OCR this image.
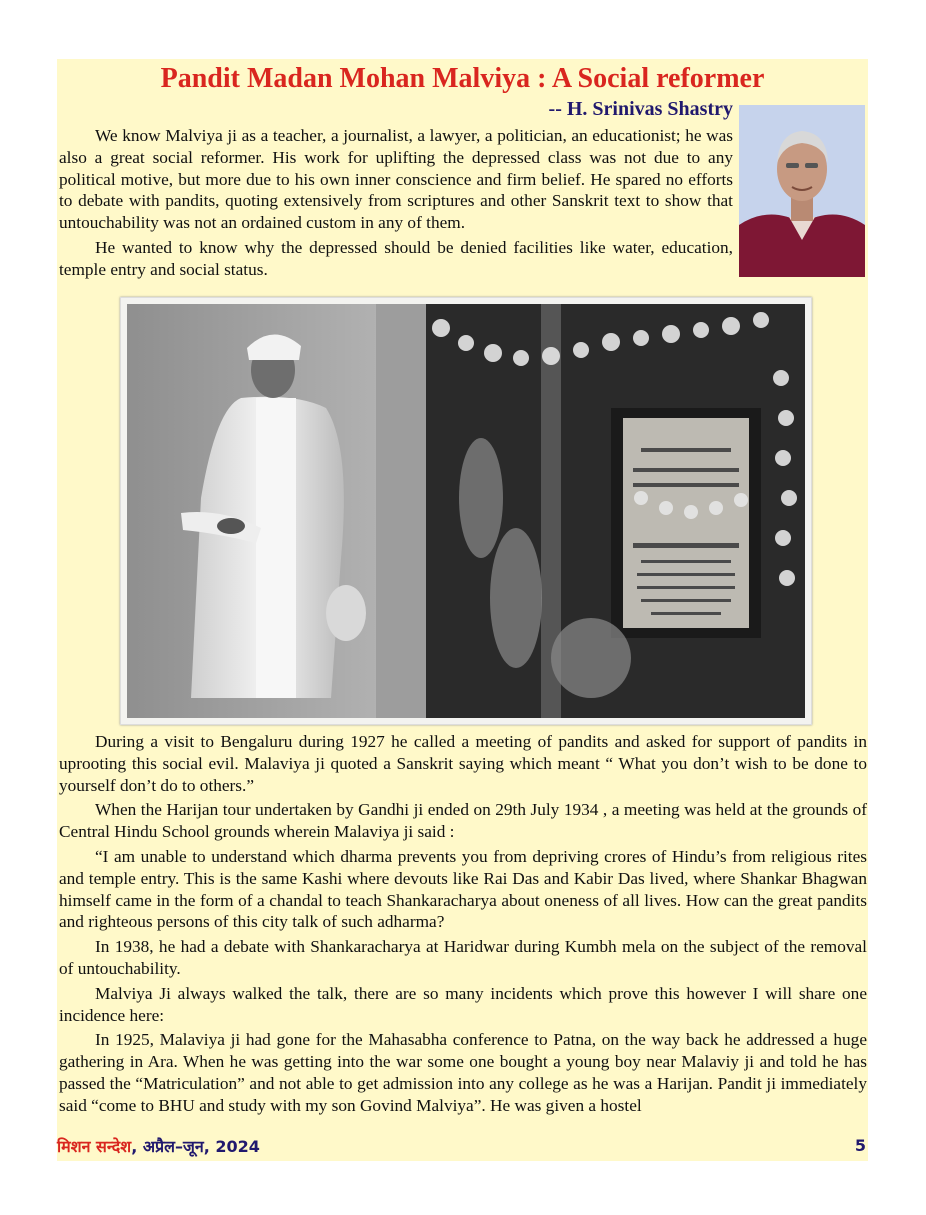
Pandit Madan Mohan Malviya : A Social reformer
-- H. Srinivas Shastry

We know Malviya ji as a teacher, a journalist, a lawyer, a politician, an educationist; he was also a great social reformer. His work for uplifting the depressed class was not due to any political motive, but more due to his own inner conscience and firm belief. He spared no efforts to debate with pandits, quoting extensively from scriptures and other Sanskrit text to show that untouchability was not an ordained custom in any of them.

He wanted to know why the depressed should be denied facilities like water, education, temple entry and social status.

During a visit to Bengaluru during 1927 he called a meeting of pandits and asked for support of pandits in uprooting this social evil. Malaviya ji quoted a Sanskrit saying which meant “ What you don’t wish to be done to yourself don’t do to others.”

When the Harijan tour undertaken by Gandhi ji ended on 29th July 1934 , a meeting was held at the grounds of Central Hindu School grounds wherein Malaviya ji said :

“I am unable to understand which dharma prevents you from depriving crores of Hindu’s from religious rites and temple entry. This is the same Kashi where devouts like Rai Das and Kabir Das lived, where Shankar Bhagwan himself came in the form of a chandal to teach Shankaracharya about oneness of all lives. How can the great pandits and righteous persons of this city talk of such adharma?

In 1938, he had a debate with Shankaracharya at Haridwar during Kumbh mela on the subject of the removal of untouchability.

Malviya Ji always walked the talk, there are so many incidents which prove this however I will share one incidence here:

In 1925, Malaviya ji had gone for the Mahasabha conference to Patna, on the way back he addressed a huge gathering in Ara. When he was getting into the war some one bought a young boy near Malaviy ji and told he has passed the “Matriculation” and not able to get admission into any college as he was a Harijan. Pandit ji immediately said “come to BHU and study with my son Govind Malviya”. He was given a hostel

मिशन सन्देश, अप्रैल–जून, 2024	5
